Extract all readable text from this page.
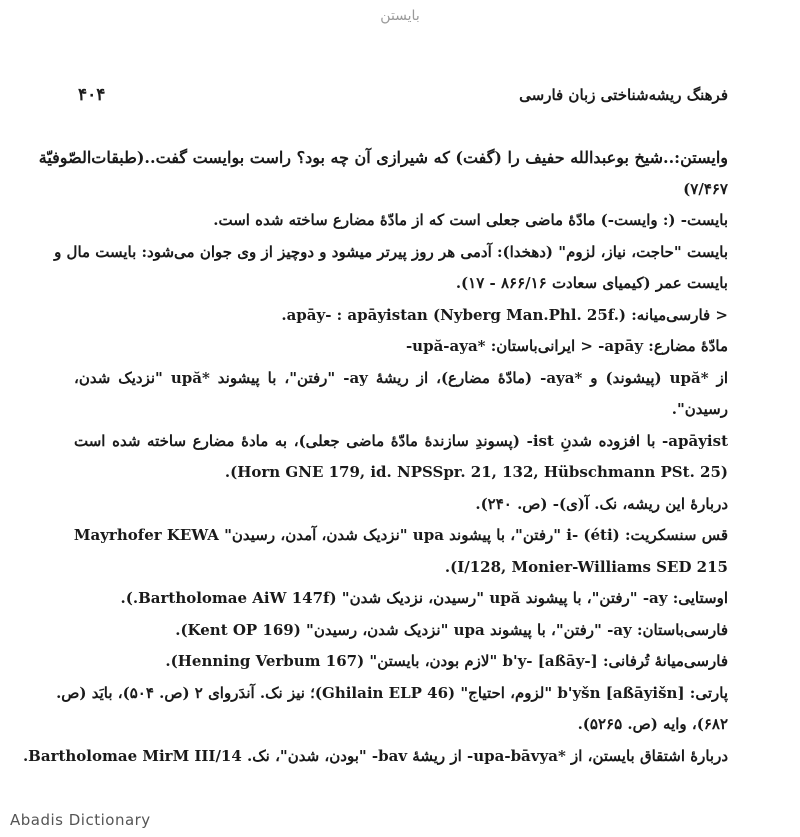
بایستن
فرهنگ ریشه‌شناختی زبان فارسی
۴۰۴
وایستن:..شیخ بوعبدالله حفیف را (گفت) که شیرازی آن چه بود؟ راست بوایست گفت..(طبقات‌الصّوفیّة
۷/۴۶۷)
بایست- (: وایست-) مادّۀ ماضی جعلی است که از مادّۀ مضارع ساخته شده است.
بایست "حاجت، نیاز، لزوم" (دهخدا): آدمی هر روز پیرتر میشود و دوچیز از وی جوان می‌شود: بایست مال و
بایست عمر (کیمیای سعادت ۸۶۶/۱۶ - ۱۷).
< فارسی‌میانه: apāy- : apāyistan (Nyberg Man.Phl. 25f.).
مادّۀ مضارع: apāy- < ایرانی‌باستان: *upă-aya-
از *upă (پیشوند) و *aya- (مادّۀ مضارع)، از ریشۀ ay- "رفتن"، با پیشوند *upă "نزدیک شدن،
رسیدن".
apāyist- با افزوده شدنِ ist- (پسوندِ سازندۀ مادّۀ ماضی جعلی)، به مادۀ مضارع ساخته شده است
(Horn GNE 179, id. NPSSpr. 21, 132, Hübschmann PSt. 25).
دربارۀ این ریشه، نک. آ(ی)- (ص. ۲۴۰).
قس سنسکریت: i- (éti) "رفتن"، با پیشوند upa "نزدیک شدن، آمدن، رسیدن" Mayrhofer KEWA
I/128, Monier-Williams SED 215).
اوستایی: ay- "رفتن"، با پیشوند upă "رسیدن، نزدیک شدن" (Bartholomae AiW 147f.).
فارسی‌باستان: ay- "رفتن"، با پیشوند upa "نزدیک شدن، رسیدن" (Kent OP 169).
فارسی‌میانۀ تُرفانی: b'y- [aßāy-] "لازم بودن، بایستن" (Henning Verbum 167).
پارتی: b'yšn [aßāyišn] "لزوم، احتیاج" (Ghilain ELP 46)؛ نیز نک. آندَروای ۲ (ص. ۵۰۴)، بایَد (ص.
۶۸۲)، وایه (ص. ۵۲۶۵).
دربارۀ اشتقاق بایستن، از *upa-bāvya- از ریشۀ bav- "بودن، شدن"، نک. Bartholomae MirM III/14.
Abadis Dictionary
